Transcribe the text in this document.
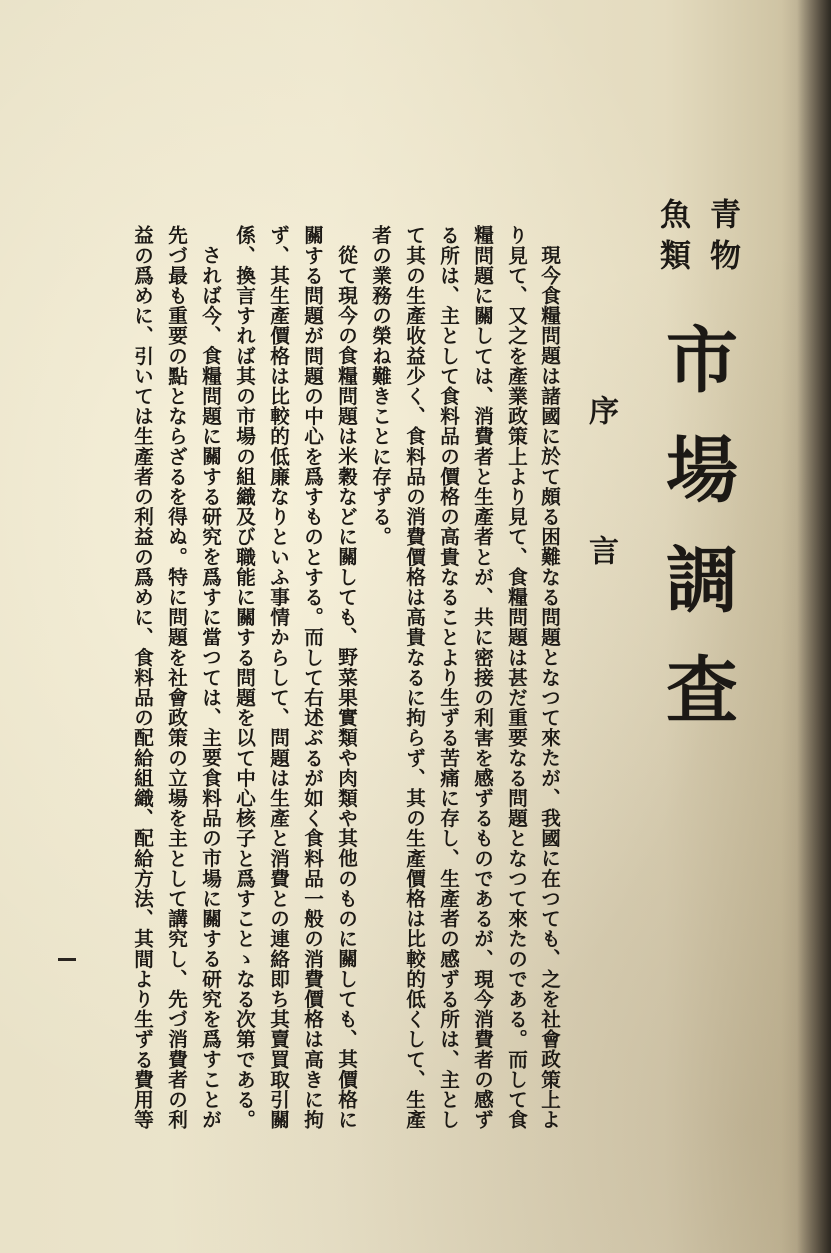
青物
魚類
市場調査
序言
現今食糧問題は諸國に於て頗る困難なる問題となつて來たが、我國に在つても、之を社會政策上よ
り見て、又之を產業政策上より見て、食糧問題は甚だ重要なる問題となつて來たのである。而して食
糧問題に關しては、消費者と生產者とが、共に密接の利害を感ずるものであるが、現今消費者の感ず
る所は、主として食料品の價格の高貴なることより生ずる苦痛に存し、生產者の感ずる所は、主とし
て其の生產收益少く、食料品の消費價格は高貴なるに拘らず、其の生產價格は比較的低くして、生產
者の業務の榮ね難きことに存ずる。
從て現今の食糧問題は米穀などに關しても、野菜果實類や肉類や其他のものに關しても、其價格に
關する問題が問題の中心を爲すものとする。而して右述ぶるが如く食料品一般の消費價格は高きに拘
ず、其生產價格は比較的低廉なりといふ事情からして、問題は生產と消費との連絡即ち其賣買取引關
係、換言すれば其の市場の組織及び職能に關する問題を以て中心核子と爲すことゝなる次第である。
されば今、食糧問題に關する研究を爲すに當つては、主要食料品の市場に關する研究を爲すことが
先づ最も重要の點とならざるを得ぬ。特に問題を社會政策の立場を主として講究し、先づ消費者の利
益の爲めに、引いては生產者の利益の爲めに、食料品の配給組織、配給方法、其間より生ずる費用等
